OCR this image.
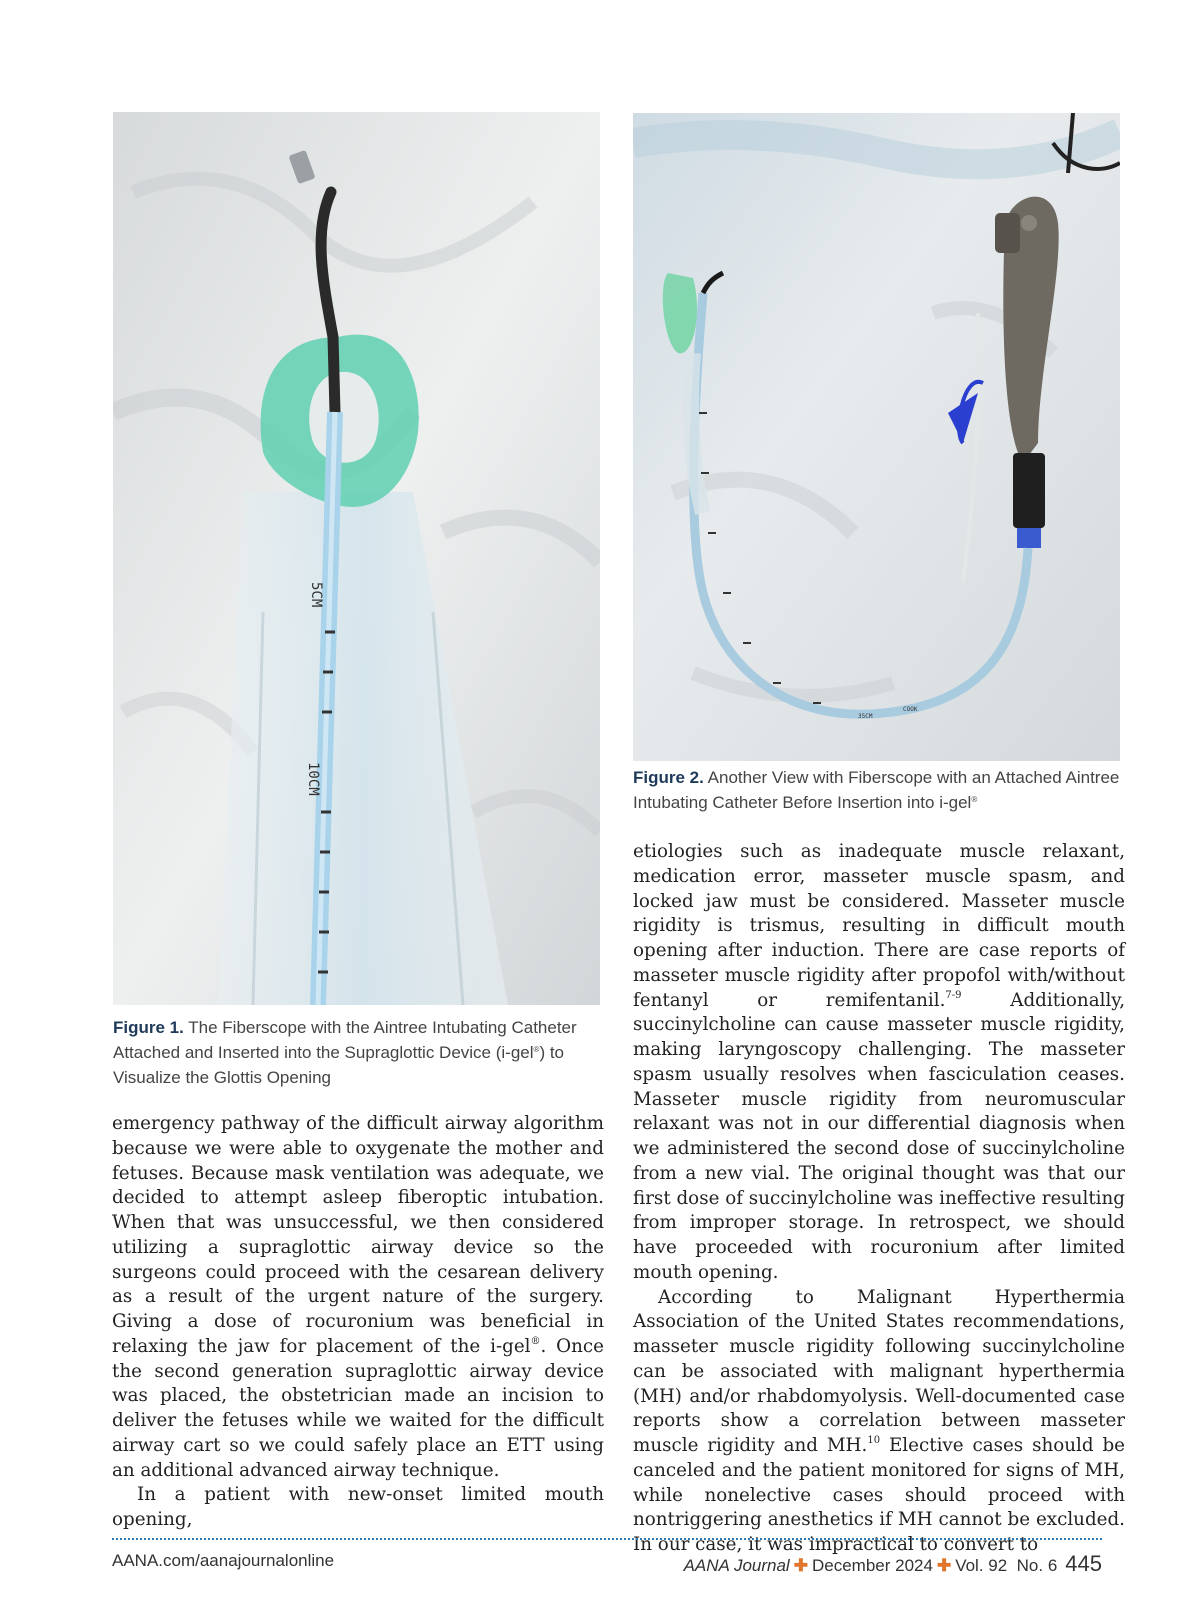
5CM
10CM
35CM
COOK
Figure 2. Another View with Fiberscope with an Attached Aintree Intubating Catheter Before Insertion into i-gel®
Figure 1. The Fiberscope with the Aintree Intubating Catheter Attached and Inserted into the Supraglottic Device (i-gel®) to Visualize the Glottis Opening

emergency pathway of the difficult airway algorithm because we were able to oxygenate the mother and fetuses. Because mask ventilation was adequate, we decided to attempt asleep fiberoptic intubation. When that was unsuccessful, we then considered utilizing a supraglottic airway device so the surgeons could proceed with the cesarean delivery as a result of the urgent nature of the surgery. Giving a dose of rocuronium was beneficial in relaxing the jaw for placement of the i-gel®. Once the second generation supraglottic airway device was placed, the obstetrician made an incision to deliver the fetuses while we waited for the difficult airway cart so we could safely place an ETT using an additional advanced airway technique.

In a patient with new-onset limited mouth opening,

etiologies such as inadequate muscle relaxant, medication error, masseter muscle spasm, and locked jaw must be considered. Masseter muscle rigidity is trismus, resulting in difficult mouth opening after induction. There are case reports of masseter muscle rigidity after propofol with/without fentanyl or remifentanil.$^{7-9}$ Additionally, succinylcholine can cause masseter muscle rigidity, making laryngoscopy challenging. The masseter spasm usually resolves when fasciculation ceases. Masseter muscle rigidity from neuromuscular relaxant was not in our differential diagnosis when we administered the second dose of succinylcholine from a new vial. The original thought was that our first dose of succinylcholine was ineffective resulting from improper storage. In retrospect, we should have proceeded with rocuronium after limited mouth opening.

According to Malignant Hyperthermia Association of the United States recommendations, masseter muscle rigidity following succinylcholine can be associated with malignant hyperthermia (MH) and/or rhabdomyolysis. Well-documented case reports show a correlation between masseter muscle rigidity and MH.$^{10}$ Elective cases should be canceled and the patient monitored for signs of MH, while nonelective cases should proceed with nontriggering anesthetics if MH cannot be excluded. In our case, it was impractical to convert to

AANA.com/aanajournalonline	AANA Journal ✚ December 2024 ✚ Vol. 92 No. 6 445
